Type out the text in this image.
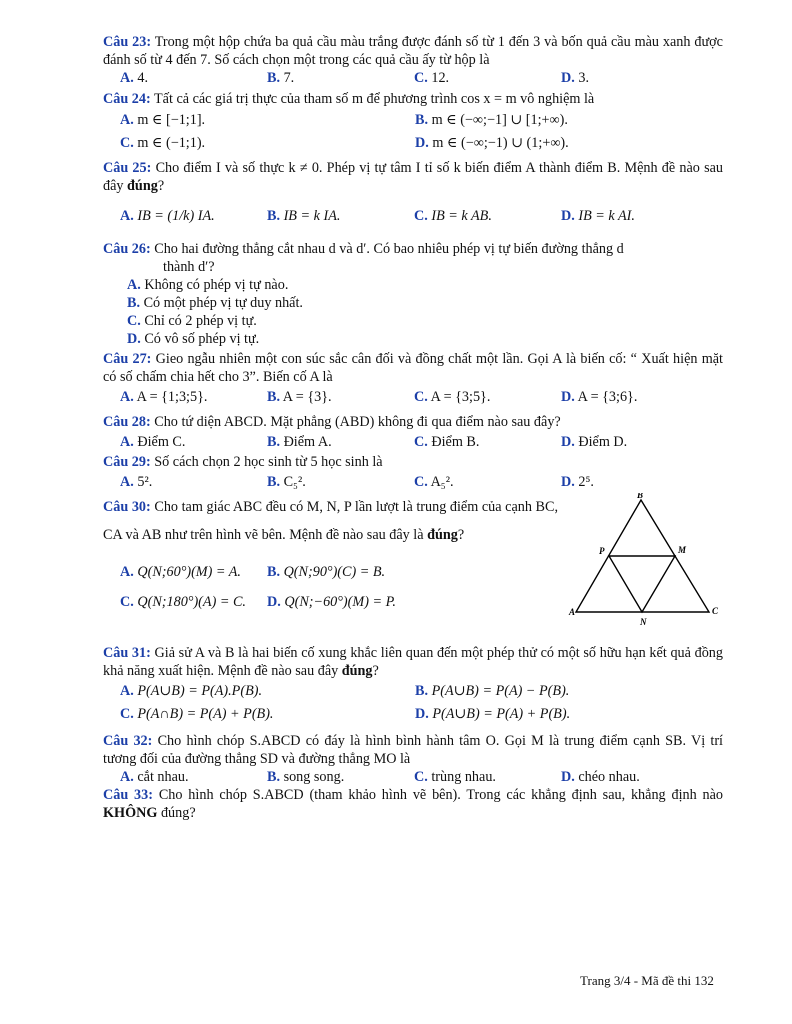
Câu 23: Trong một hộp chứa ba quả cầu màu trắng được đánh số từ 1 đến 3 và bốn quả cầu màu xanh được đánh số từ 4 đến 7. Số cách chọn một trong các quả cầu ấy từ hộp là
A. 4.	B. 7.	C. 12.	D. 3.
Câu 24: Tất cả các giá trị thực của tham số m để phương trình cos x = m vô nghiệm là
A. m ∈ [−1;1].	B. m ∈ (−∞;−1] ∪ [1;+∞).
C. m ∈ (−1;1).	D. m ∈ (−∞;−1) ∪ (1;+∞).
Câu 25: Cho điểm I và số thực k ≠ 0. Phép vị tự tâm I tỉ số k biến điểm A thành điểm B. Mệnh đề nào sau đây đúng?
A. IB = (1/k) IA.	B. IB = k IA.	C. IB = k AB.	D. IB = k AI.
Câu 26: Cho hai đường thẳng cắt nhau d và d′. Có bao nhiêu phép vị tự biến đường thẳng d
thành d′?
A. Không có phép vị tự nào.
B. Có một phép vị tự duy nhất.
C. Chỉ có 2 phép vị tự.
D. Có vô số phép vị tự.
Câu 27: Gieo ngẫu nhiên một con súc sắc cân đối và đồng chất một lần. Gọi A là biến cố: “ Xuất hiện mặt có số chấm chia hết cho 3”. Biến cố A là
A. A = {1;3;5}.	B. A = {3}.	C. A = {3;5}.	D. A = {3;6}.
Câu 28: Cho tứ diện ABCD. Mặt phẳng (ABD) không đi qua điểm nào sau đây?
A. Điểm C.	B. Điểm A.	C. Điểm B.	D. Điểm D.
Câu 29: Số cách chọn 2 học sinh từ 5 học sinh là
A. 5².	B. C₅².	C. A₅².	D. 2⁵.
Câu 30: Cho tam giác ABC đều có M, N, P lần lượt là trung điểm của cạnh BC, CA và AB như trên hình vẽ bên. Mệnh đề nào sau đây là đúng?
A. Q(N;60°)(M) = A.	B. Q(N;90°)(C) = B.
C. Q(N;180°)(A) = C.	D. Q(N;−60°)(M) = P.
B
P	M
A
N
C
Câu 31: Giả sử A và B là hai biến cố xung khắc liên quan đến một phép thử có một số hữu hạn kết quả đồng khả năng xuất hiện. Mệnh đề nào sau đây đúng?
A. P(A∪B) = P(A).P(B).	B. P(A∪B) = P(A) − P(B).
C. P(A∩B) = P(A) + P(B).	D. P(A∪B) = P(A) + P(B).
Câu 32: Cho hình chóp S.ABCD có đáy là hình bình hành tâm O. Gọi M là trung điểm cạnh SB. Vị trí tương đối của đường thẳng SD và đường thẳng MO là
A. cắt nhau.	B. song song.	C. trùng nhau.	D. chéo nhau.
Câu 33: Cho hình chóp S.ABCD (tham khảo hình vẽ bên). Trong các khẳng định sau, khẳng định nào KHÔNG đúng?
Trang 3/4 - Mã đề thi 132
